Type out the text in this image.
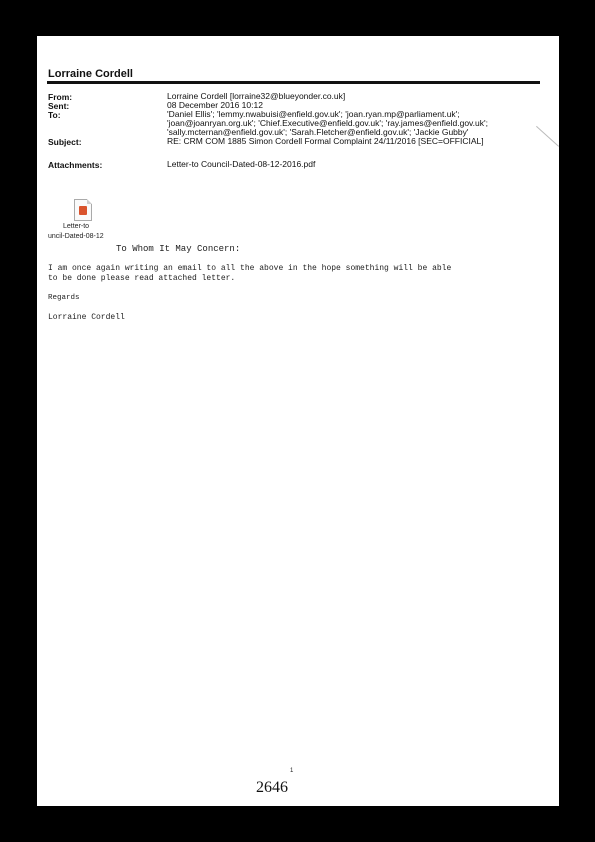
Lorraine Cordell
From:	Lorraine Cordell [lorraine32@blueyonder.co.uk]
Sent:	08 December 2016 10:12
To:	'Daniel Ellis'; 'lemmy.nwabuisi@enfield.gov.uk'; 'joan.ryan.mp@parliament.uk';
'joan@joanryan.org.uk'; 'Chief.Executive@enfield.gov.uk'; 'ray.james@enfield.gov.uk';
'sally.mcternan@enfield.gov.uk'; 'Sarah.Fletcher@enfield.gov.uk'; 'Jackie Gubby'
Subject:	RE: CRM COM 1885 Simon Cordell Formal Complaint 24/11/2016 [SEC=OFFICIAL]
Attachments:	Letter-to Council-Dated-08-12-2016.pdf
Letter-to
uncil-Dated-08-12
To Whom It May Concern:
I am once again writing an email to all the above in the hope something will be able
to be done please read attached letter.
Regards
Lorraine Cordell
1
2646
